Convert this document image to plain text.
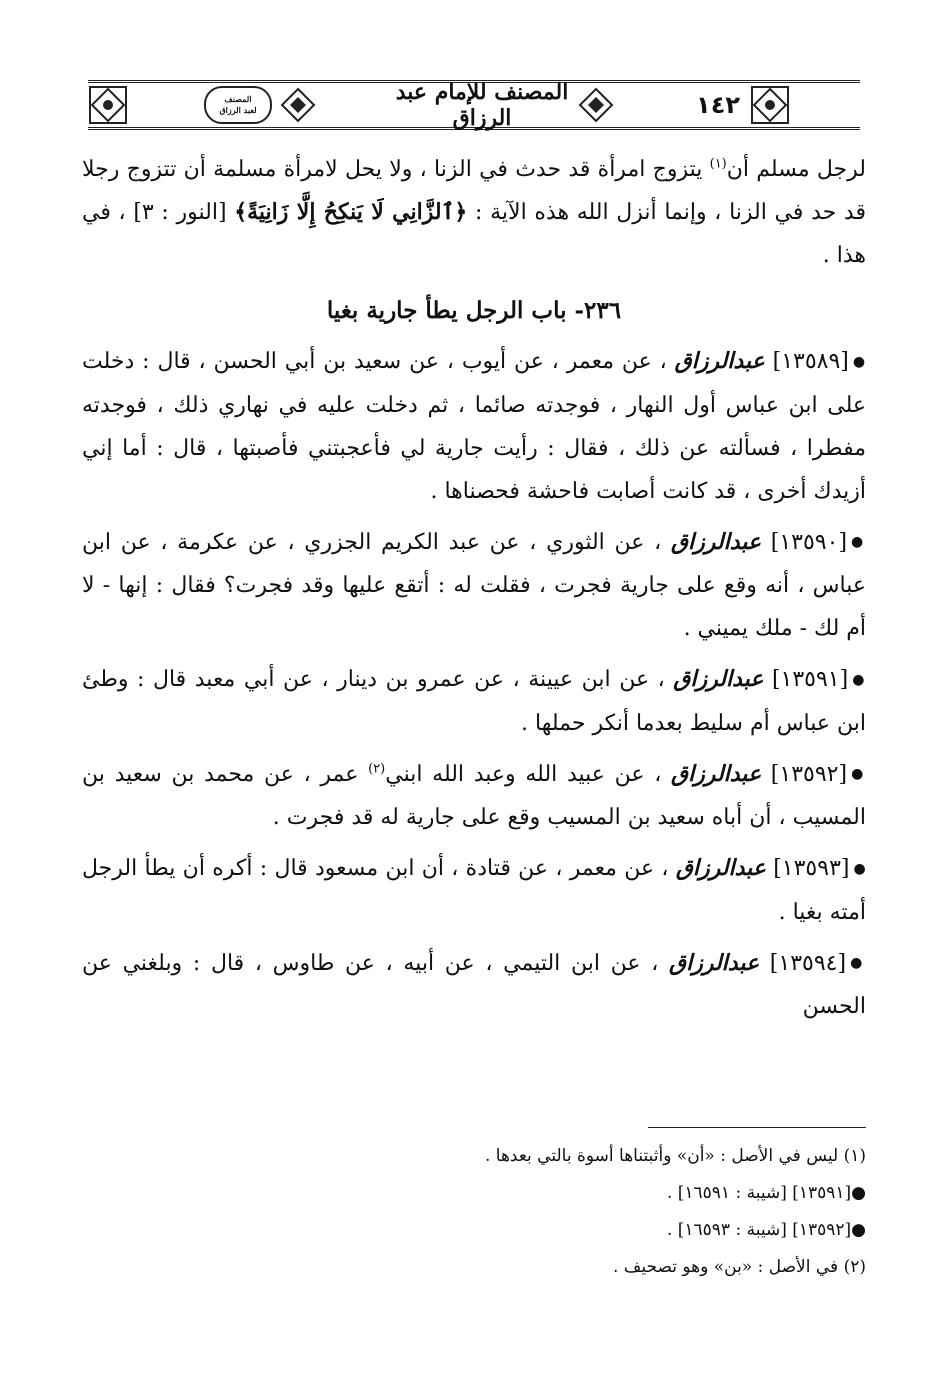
المصنف
لعبد الرزاق
المصنف للإمام عبد الرزاق	١٤٢

لرجل مسلم أن$^{(١)}$ يتزوج امرأة قد حدث في الزنا ، ولا يحل لامرأة مسلمة أن تتزوج رجلا قد حد في الزنا ، وإنما أنزل الله هذه الآية : ﴿ٱلزَّانِي لَا يَنكِحُ إِلَّا زَانِيَةً﴾ [النور : ٣] ، في هذا .

٢٣٦- باب الرجل يطأ جارية بغيا

●[١٣٥٨٩] عبدالرزاق ، عن معمر ، عن أيوب ، عن سعيد بن أبي الحسن ، قال : دخلت على ابن عباس أول النهار ، فوجدته صائما ، ثم دخلت عليه في نهاري ذلك ، فوجدته مفطرا ، فسألته عن ذلك ، فقال : رأيت جارية لي فأعجبتني فأصبتها ، قال : أما إني أزيدك أخرى ، قد كانت أصابت فاحشة فحصناها .

●[١٣٥٩٠] عبدالرزاق ، عن الثوري ، عن عبد الكريم الجزري ، عن عكرمة ، عن ابن عباس ، أنه وقع على جارية فجرت ، فقلت له : أتقع عليها وقد فجرت؟ فقال : إنها - لا أم لك - ملك يميني .

●[١٣٥٩١] عبدالرزاق ، عن ابن عيينة ، عن عمرو بن دينار ، عن أبي معبد قال : وطئ ابن عباس أم سليط بعدما أنكر حملها .

●[١٣٥٩٢] عبدالرزاق ، عن عبيد الله وعبد الله ابني$^{(٢)}$ عمر ، عن محمد بن سعيد بن المسيب ، أن أباه سعيد بن المسيب وقع على جارية له قد فجرت .

●[١٣٥٩٣] عبدالرزاق ، عن معمر ، عن قتادة ، أن ابن مسعود قال : أكره أن يطأ الرجل أمته بغيا .

●[١٣٥٩٤] عبدالرزاق ، عن ابن التيمي ، عن أبيه ، عن طاوس ، قال : وبلغني عن الحسن

(١) ليس في الأصل : «أن» وأثبتناها أسوة بالتي بعدها .

●[١٣٥٩١] [شيبة : ١٦٥٩١] .

●[١٣٥٩٢] [شيبة : ١٦٥٩٣] .

(٢) في الأصل : «بن» وهو تصحيف .
